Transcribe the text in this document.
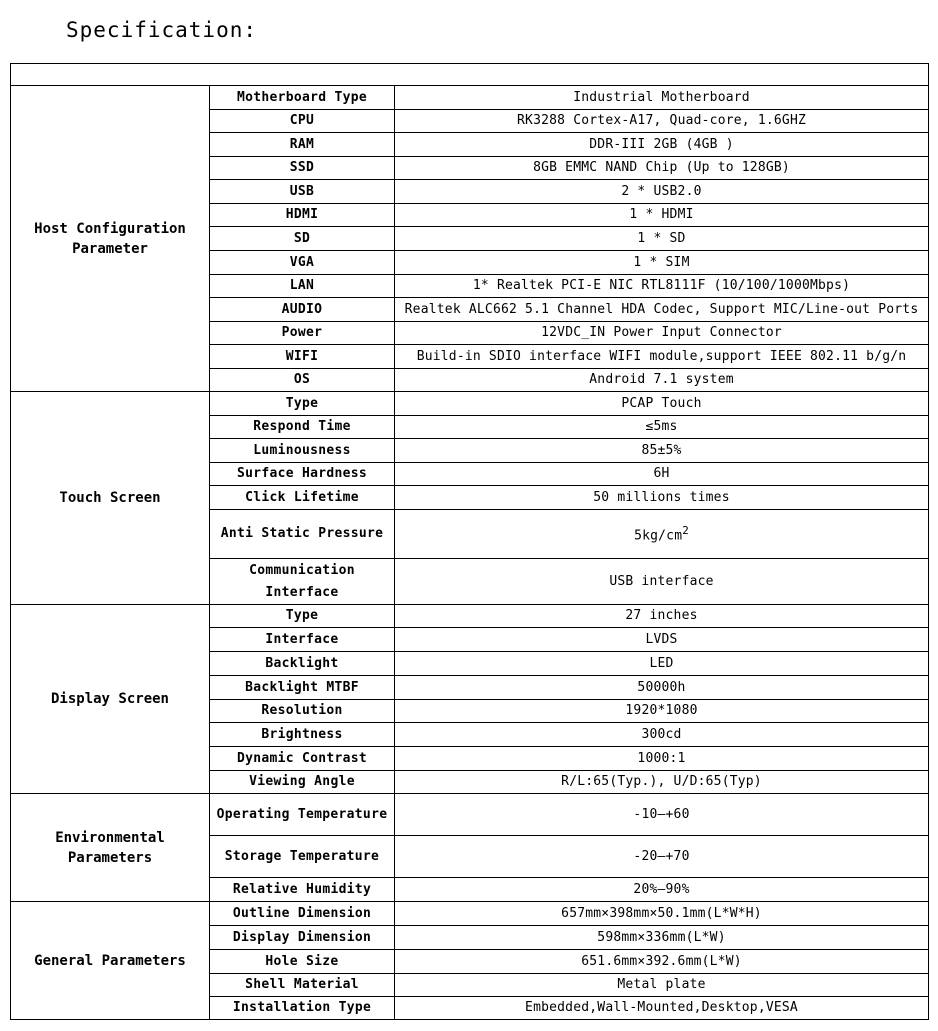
Specification:

Host Configuration Parameter	Motherboard Type	Industrial Motherboard
	CPU	RK3288 Cortex-A17, Quad-core, 1.6GHZ
	RAM	DDR-III 2GB (4GB )
	SSD	8GB EMMC NAND Chip (Up to 128GB)
	USB	2 * USB2.0
	HDMI	1 * HDMI
	SD	1 * SD
	VGA	1 * SIM
	LAN	1* Realtek PCI-E NIC RTL8111F (10/100/1000Mbps)
	AUDIO	Realtek ALC662 5.1 Channel HDA Codec, Support MIC/Line-out Ports
	Power	12VDC_IN Power Input Connector
	WIFI	Build-in SDIO interface WIFI module,support IEEE 802.11 b/g/n
	OS	Android 7.1 system
Touch Screen	Type	PCAP Touch
	Respond Time	≤5ms
	Luminousness	85±5%
	Surface Hardness	6H
	Click Lifetime	50 millions times
	Anti Static Pressure	$5kg/cm^2$
	Communication Interface	USB interface
Display Screen	Type	27 inches
	Interface	LVDS
	Backlight	LED
	Backlight MTBF	50000h
	Resolution	1920*1080
	Brightness	300cd
	Dynamic Contrast	1000:1
	Viewing Angle	R/L:65(Typ.), U/D:65(Typ)
Environmental Parameters	Operating Temperature	-10—+60
	Storage Temperature	-20—+70
	Relative Humidity	20%—90%
General Parameters	Outline Dimension	657mm×398mm×50.1mm(L*W*H)
	Display Dimension	598mm×336mm(L*W)
	Hole Size	651.6mm×392.6mm(L*W)
	Shell Material	Metal plate
	Installation Type	Embedded,Wall-Mounted,Desktop,VESA
